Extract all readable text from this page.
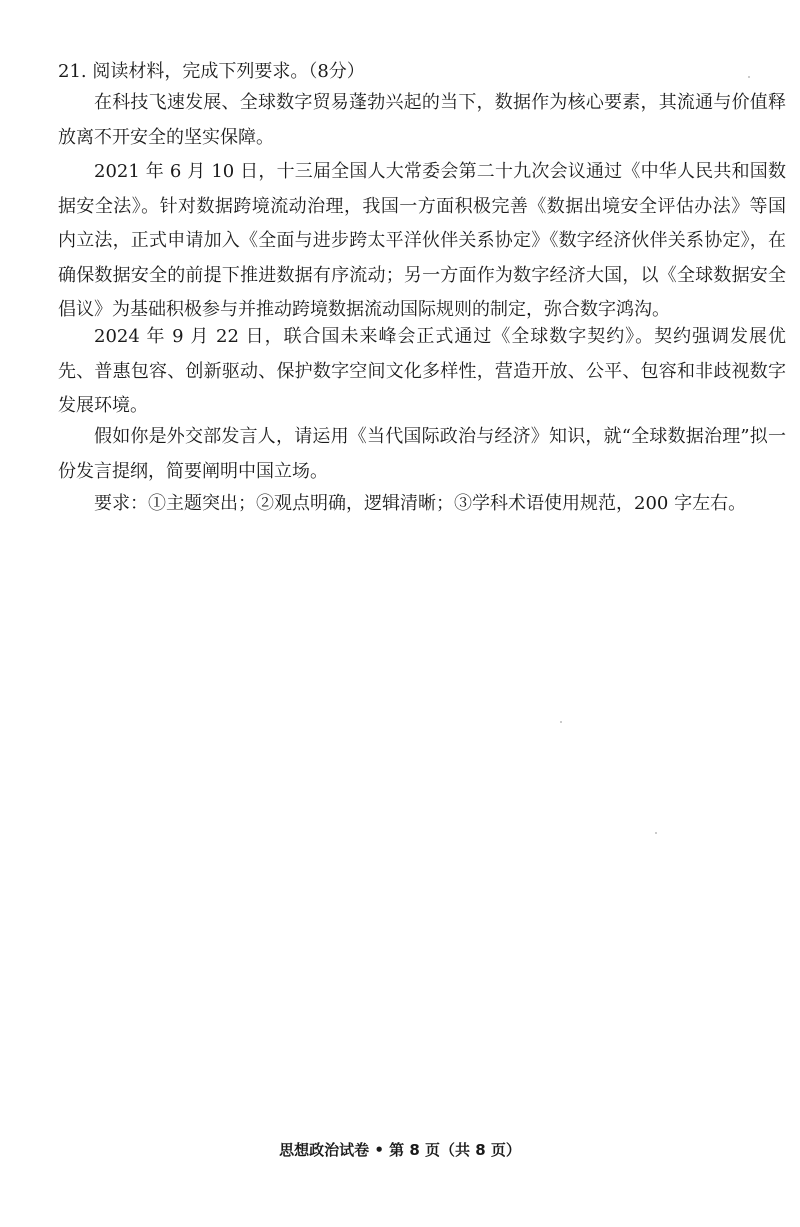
21. 阅读材料，完成下列要求。（8分）

在科技飞速发展、全球数字贸易蓬勃兴起的当下，数据作为核心要素，其流通与价值释放离不开安全的坚实保障。

2021 年 6 月 10 日，十三届全国人大常委会第二十九次会议通过《中华人民共和国数据安全法》。针对数据跨境流动治理，我国一方面积极完善《数据出境安全评估办法》等国内立法，正式申请加入《全面与进步跨太平洋伙伴关系协定》《数字经济伙伴关系协定》，在确保数据安全的前提下推进数据有序流动；另一方面作为数字经济大国，以《全球数据安全倡议》为基础积极参与并推动跨境数据流动国际规则的制定，弥合数字鸿沟。

2024 年 9 月 22 日，联合国未来峰会正式通过《全球数字契约》。契约强调发展优先、普惠包容、创新驱动、保护数字空间文化多样性，营造开放、公平、包容和非歧视数字发展环境。

假如你是外交部发言人，请运用《当代国际政治与经济》知识，就“全球数据治理”拟一份发言提纲，简要阐明中国立场。

要求：①主题突出；②观点明确，逻辑清晰；③学科术语使用规范，200 字左右。

思想政治试卷 • 第 8 页（共 8 页）
